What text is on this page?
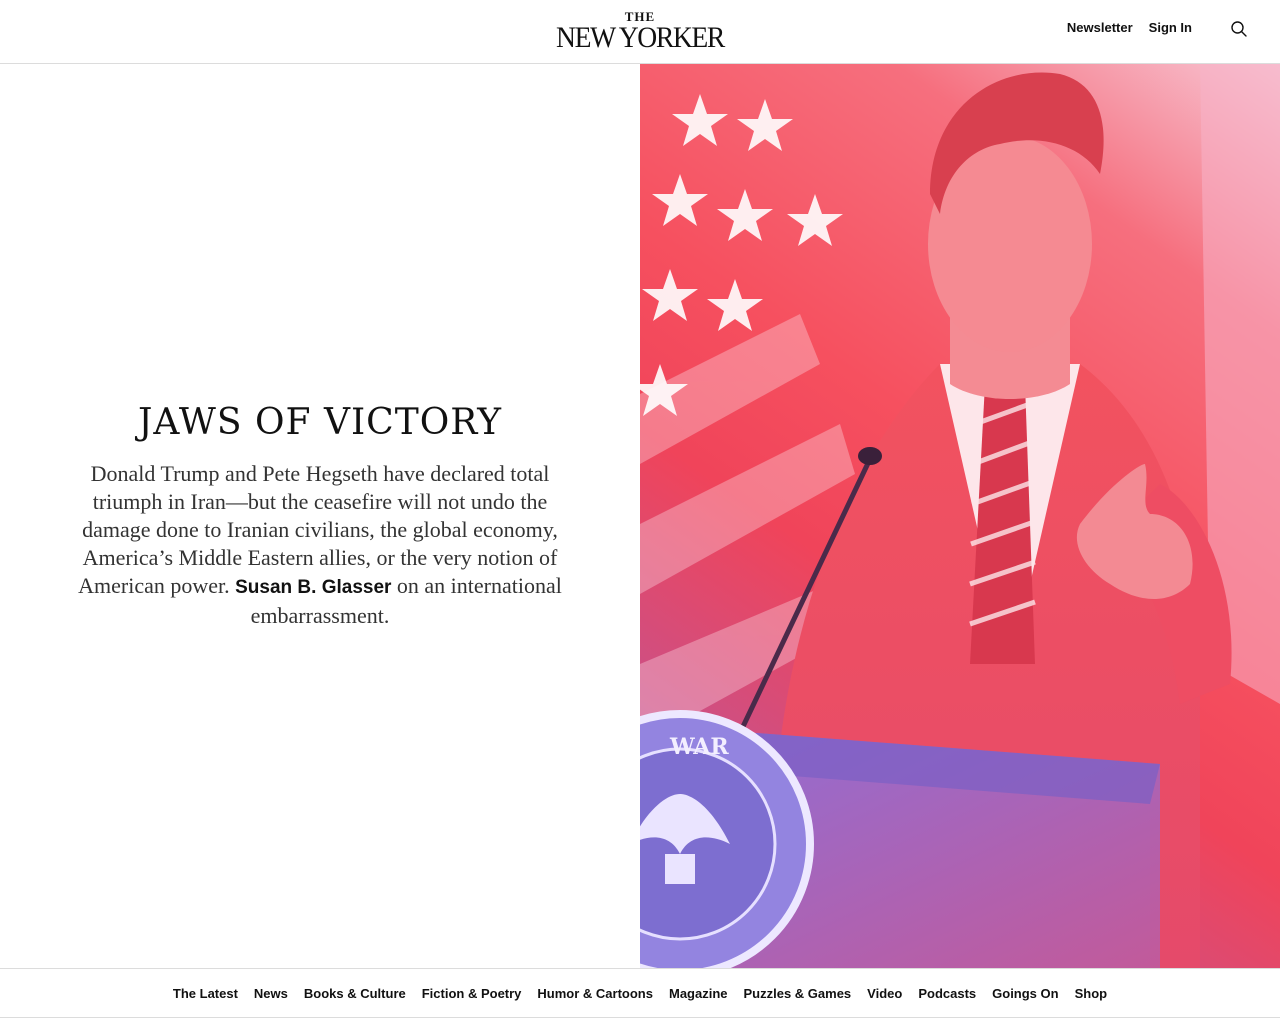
THE
NEW YORKER	Newsletter Sign In
JAWS OF VICTORY

Donald Trump and Pete Hegseth have declared total triumph in Iran—but the ceasefire will not undo the damage done to Iranian civilians, the global economy, America’s Middle Eastern allies, or the very notion of American power. Susan B. Glasser on an international embarrassment.

WAR
The Latest News Books & Culture Fiction & Poetry Humor & Cartoons Magazine Puzzles & Games Video Podcasts Goings On Shop
